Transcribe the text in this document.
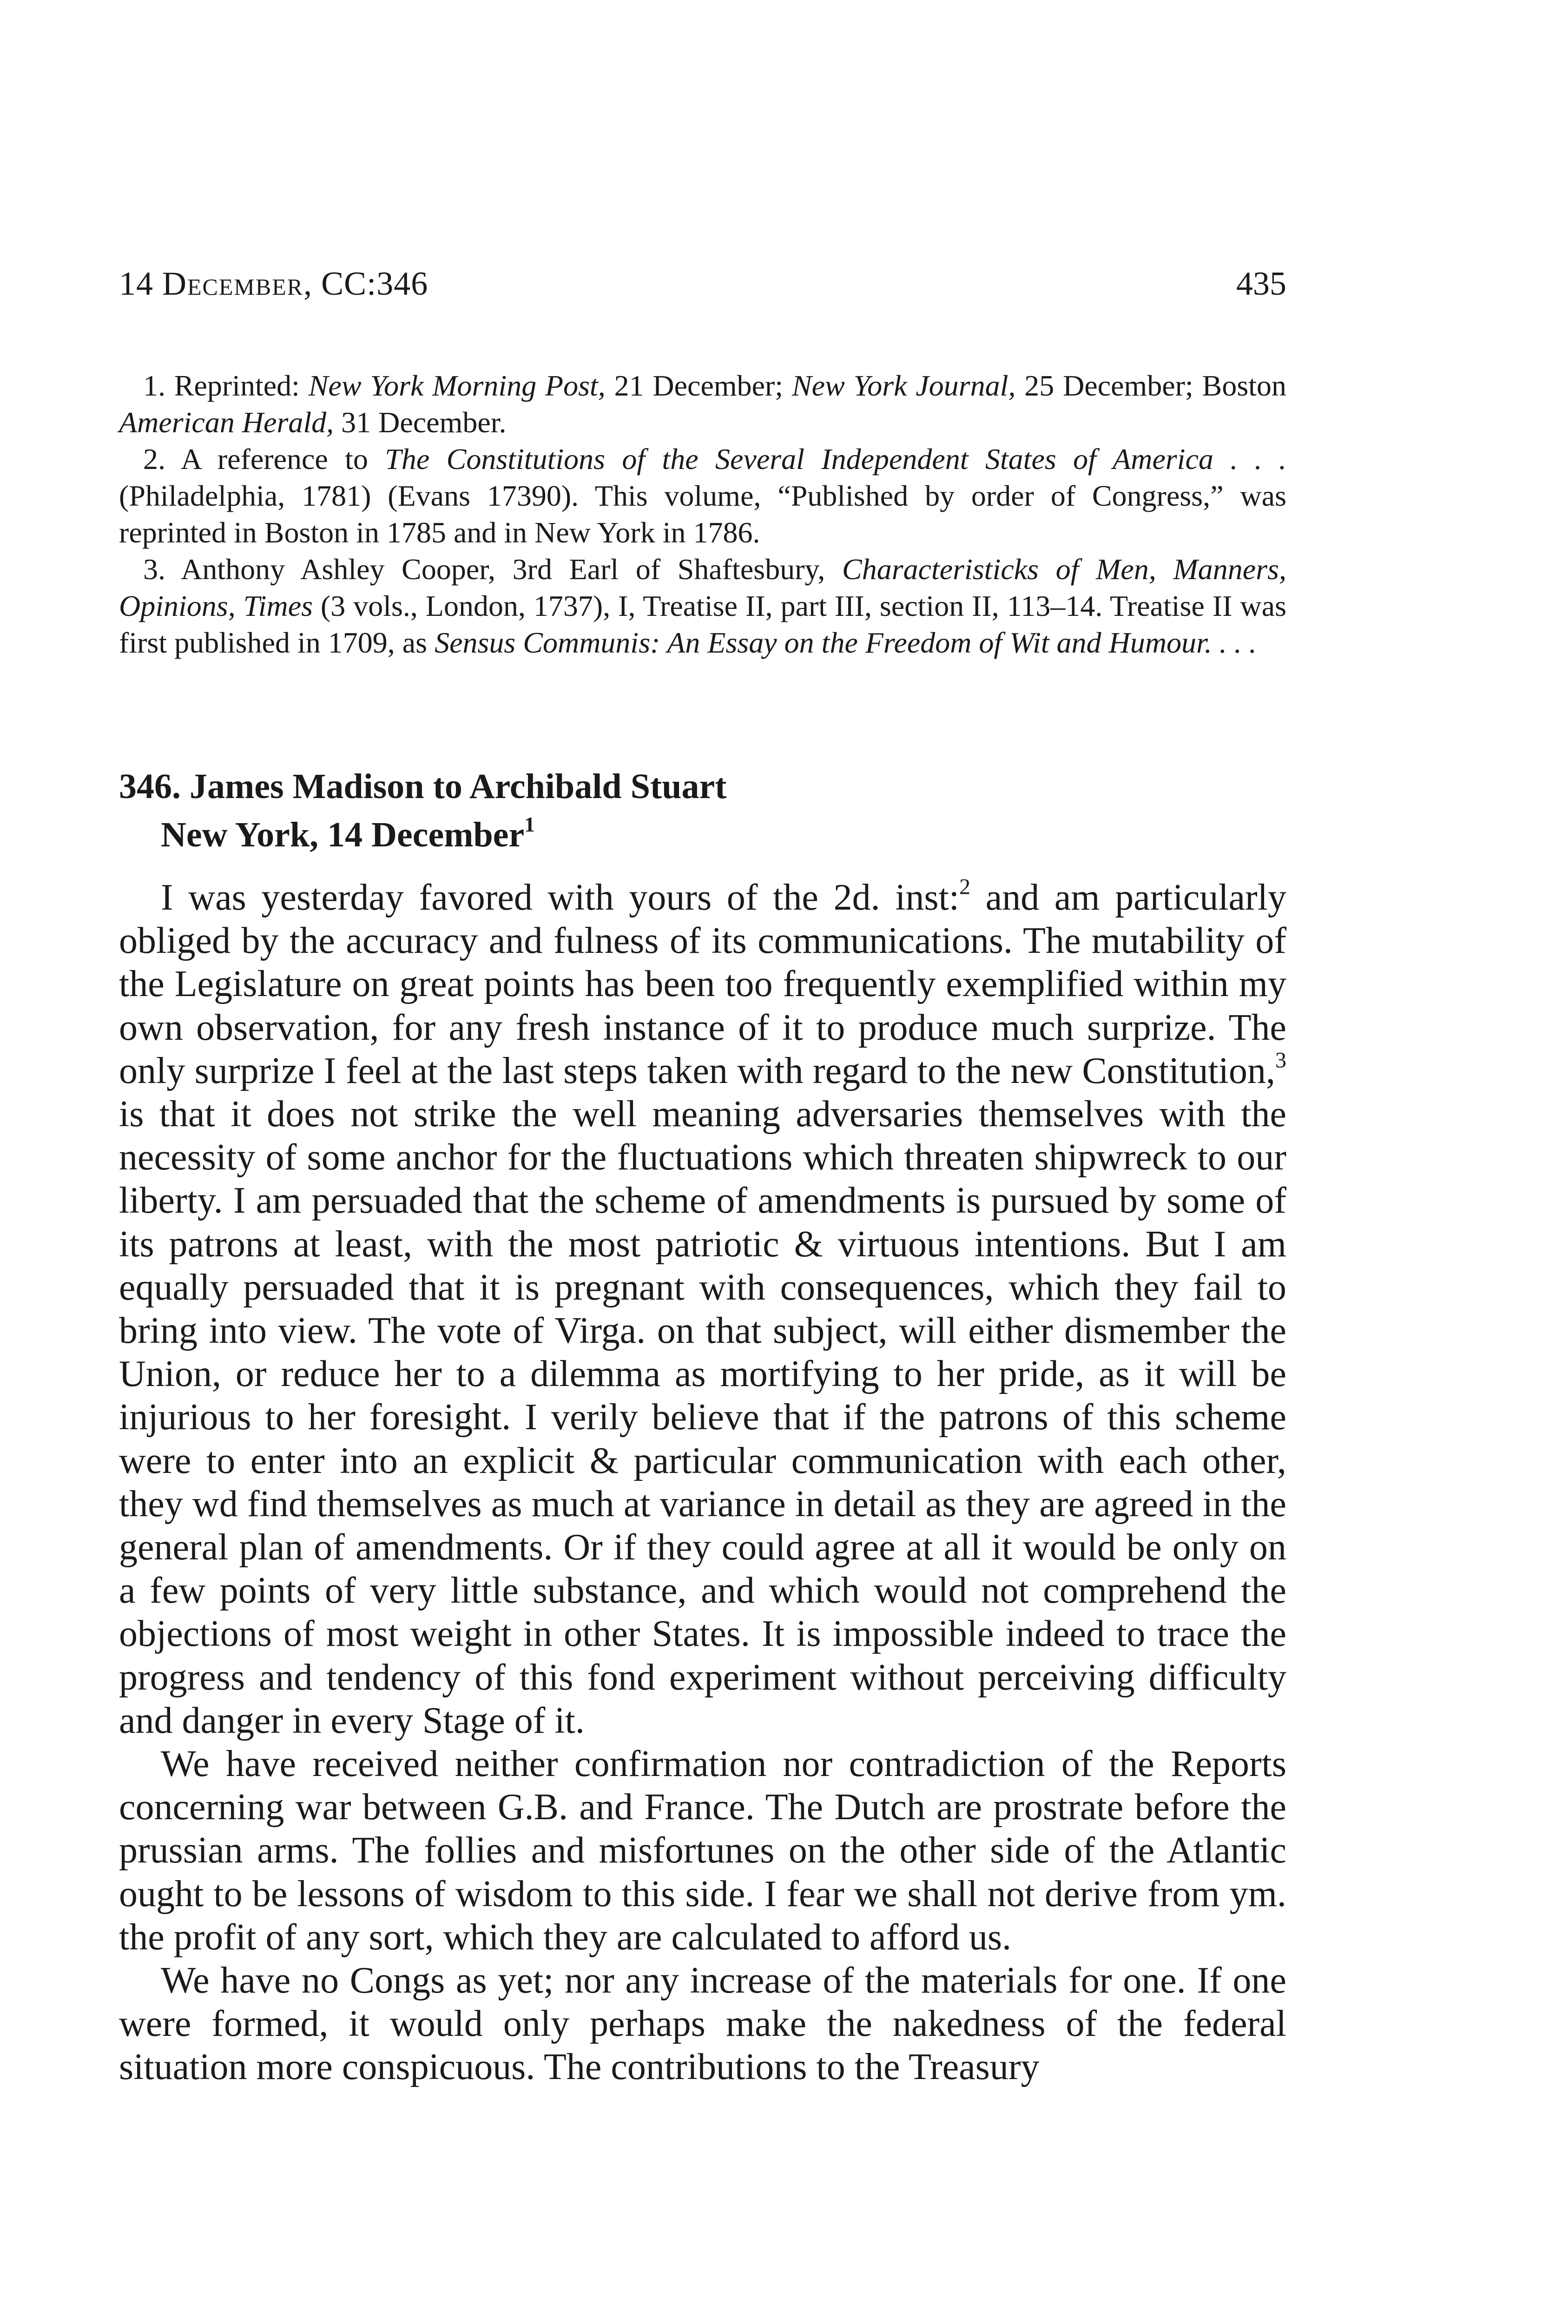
14 December, CC:346	435

1. Reprinted: New York Morning Post, 21 December; New York Journal, 25 December; Boston American Herald, 31 December.

2. A reference to The Constitutions of the Several Independent States of America . . . (Philadelphia, 1781) (Evans 17390). This volume, “Published by order of Congress,” was reprinted in Boston in 1785 and in New York in 1786.

3. Anthony Ashley Cooper, 3rd Earl of Shaftesbury, Characteristicks of Men, Manners, Opinions, Times (3 vols., London, 1737), I, Treatise II, part III, section II, 113–14. Treatise II was first published in 1709, as Sensus Communis: An Essay on the Freedom of Wit and Humour. . . .

346. James Madison to Archibald Stuart
New York, 14 December$^1$

I was yesterday favored with yours of the 2d. inst:$^2$ and am particularly obliged by the accuracy and fulness of its communications. The mutability of the Legislature on great points has been too frequently exemplified within my own observation, for any fresh instance of it to produce much surprize. The only surprize I feel at the last steps taken with regard to the new Constitution,$^3$ is that it does not strike the well meaning adversaries themselves with the necessity of some anchor for the fluctuations which threaten shipwreck to our liberty. I am persuaded that the scheme of amendments is pursued by some of its patrons at least, with the most patriotic & virtuous intentions. But I am equally persuaded that it is pregnant with consequences, which they fail to bring into view. The vote of Virga. on that subject, will either dismember the Union, or reduce her to a dilemma as mortifying to her pride, as it will be injurious to her foresight. I verily believe that if the patrons of this scheme were to enter into an explicit & particular communication with each other, they wd find themselves as much at variance in detail as they are agreed in the general plan of amendments. Or if they could agree at all it would be only on a few points of very little substance, and which would not comprehend the objections of most weight in other States. It is impossible indeed to trace the progress and tendency of this fond experiment without perceiving difficulty and danger in every Stage of it.

We have received neither confirmation nor contradiction of the Reports concerning war between G.B. and France. The Dutch are prostrate before the prussian arms. The follies and misfortunes on the other side of the Atlantic ought to be lessons of wisdom to this side. I fear we shall not derive from ym. the profit of any sort, which they are calculated to afford us.

We have no Congs as yet; nor any increase of the materials for one. If one were formed, it would only perhaps make the nakedness of the federal situation more conspicuous. The contributions to the Treasury
